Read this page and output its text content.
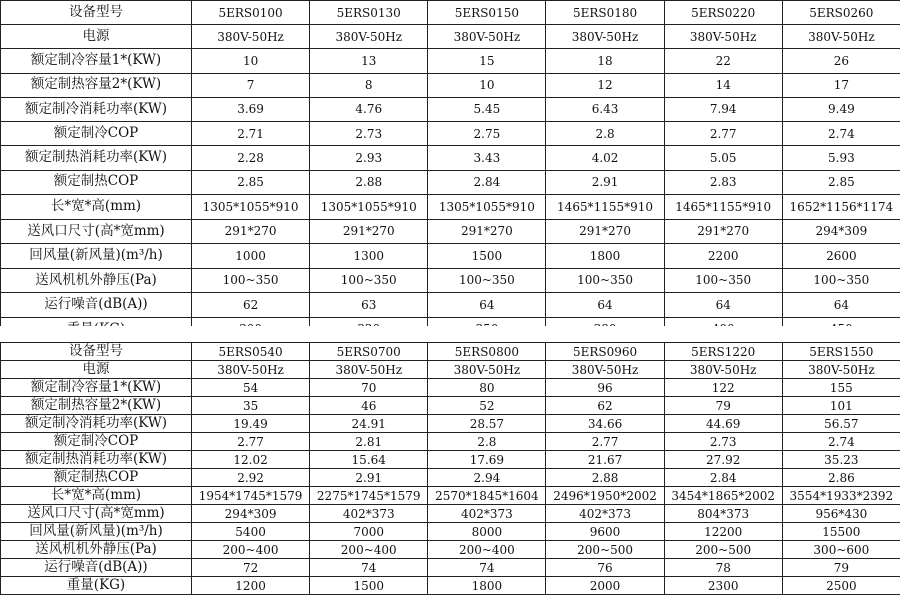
设备型号	5ERS0100	5ERS0130	5ERS0150	5ERS0180	5ERS0220	5ERS0260
电源	380V-50Hz	380V-50Hz	380V-50Hz	380V-50Hz	380V-50Hz	380V-50Hz
额定制冷容量1*(KW)	10	13	15	18	22	26
额定制热容量2*(KW)	7	8	10	12	14	17
额定制冷消耗功率(KW)	3.69	4.76	5.45	6.43	7.94	9.49
额定制冷COP	2.71	2.73	2.75	2.8	2.77	2.74
额定制热消耗功率(KW)	2.28	2.93	3.43	4.02	5.05	5.93
额定制热COP	2.85	2.88	2.84	2.91	2.83	2.85
长*宽*高(mm)	1305*1055*910	1305*1055*910	1305*1055*910	1465*1155*910	1465*1155*910	1652*1156*1174
送风口尺寸(高*宽mm)	291*270	291*270	291*270	291*270	291*270	294*309
回风量(新风量)(m³/h)	1000	1300	1500	1800	2200	2600
送风机机外静压(Pa)	100~350	100~350	100~350	100~350	100~350	100~350
运行噪音(dB(A))	62	63	64	64	64	64

设备型号	5ERS0540	5ERS0700	5ERS0800	5ERS0960	5ERS1220	5ERS1550
电源	380V-50Hz	380V-50Hz	380V-50Hz	380V-50Hz	380V-50Hz	380V-50Hz
额定制冷容量1*(KW)	54	70	80	96	122	155
额定制热容量2*(KW)	35	46	52	62	79	101
额定制冷消耗功率(KW)	19.49	24.91	28.57	34.66	44.69	56.57
额定制冷COP	2.77	2.81	2.8	2.77	2.73	2.74
额定制热消耗功率(KW)	12.02	15.64	17.69	21.67	27.92	35.23
额定制热COP	2.92	2.91	2.94	2.88	2.84	2.86
长*宽*高(mm)	1954*1745*1579	2275*1745*1579	2570*1845*1604	2496*1950*2002	3454*1865*2002	3554*1933*2392
送风口尺寸(高*宽mm)	294*309	402*373	402*373	402*373	804*373	956*430
回风量(新风量)(m³/h)	5400	7000	8000	9600	12200	15500
送风机机外静压(Pa)	200~400	200~400	200~400	200~500	200~500	300~600
运行噪音(dB(A))	72	74	74	76	78	79
重量(KG)	1200	1500	1800	2000	2300	2500
